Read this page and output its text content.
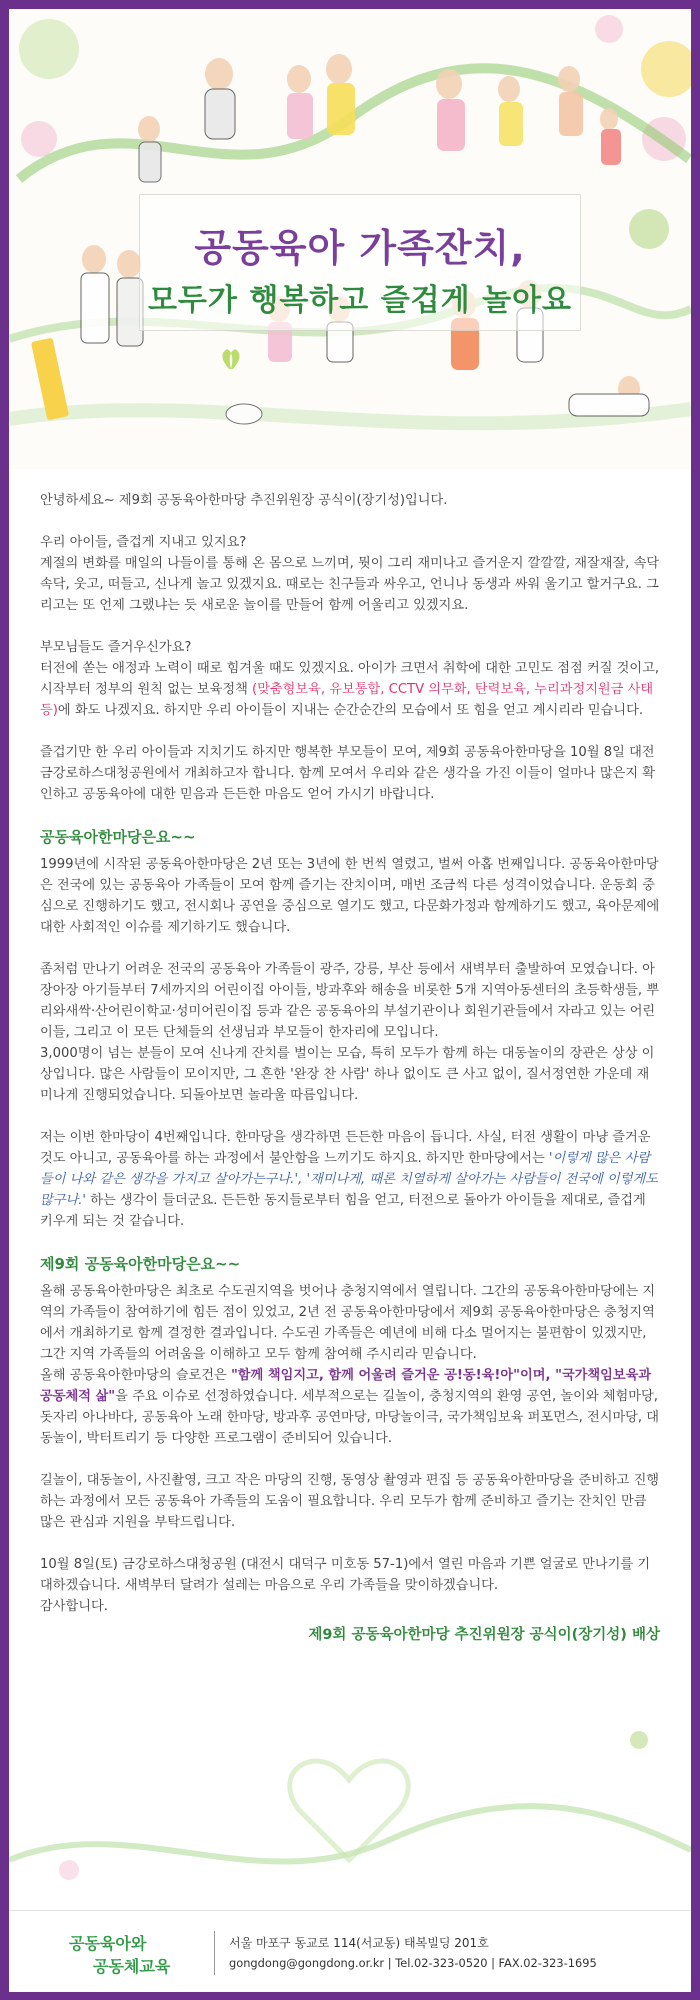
공동육아 가족잔치,
모두가 행복하고 즐겁게 놀아요

안녕하세요~ 제9회 공동육아한마당 추진위원장 공식이(장기성)입니다.

우리 아이들, 즐겁게 지내고 있지요?
계절의 변화를 매일의 나들이를 통해 온 몸으로 느끼며, 뭣이 그리 재미나고 즐거운지 깔깔깔, 재잘재잘, 속닥속닥, 웃고, 떠들고, 신나게 놀고 있겠지요. 때로는 친구들과 싸우고, 언니나 동생과 싸워 울기고 할거구요. 그리고는 또 언제 그랬냐는 듯 새로운 놀이를 만들어 함께 어울리고 있겠지요.

부모님들도 즐거우신가요?
터전에 쏟는 애정과 노력이 때로 힘겨울 때도 있겠지요. 아이가 크면서 취학에 대한 고민도 점점 커질 것이고, 시작부터 정부의 원칙 없는 보육정책 (맞춤형보육, 유보통합, CCTV 의무화, 탄력보육, 누리과정지원금 사태 등)에 화도 나겠지요. 하지만 우리 아이들이 지내는 순간순간의 모습에서 또 힘을 얻고 계시리라 믿습니다.

즐겁기만 한 우리 아이들과 지치기도 하지만 행복한 부모들이 모여, 제9회 공동육아한마당을 10월 8일 대전 금강로하스대청공원에서 개최하고자 합니다. 함께 모여서 우리와 같은 생각을 가진 이들이 얼마나 많은지 확인하고 공동육아에 대한 믿음과 든든한 마음도 얻어 가시기 바랍니다.

공동육아한마당은요~~

1999년에 시작된 공동육아한마당은 2년 또는 3년에 한 번씩 열렸고, 벌써 아홉 번째입니다. 공동육아한마당은 전국에 있는 공동육아 가족들이 모여 함께 즐기는 잔치이며, 매번 조금씩 다른 성격이었습니다. 운동회 중심으로 진행하기도 했고, 전시회나 공연을 중심으로 열기도 했고, 다문화가정과 함께하기도 했고, 육아문제에 대한 사회적인 이슈를 제기하기도 했습니다.

좀처럼 만나기 어려운 전국의 공동육아 가족들이 광주, 강릉, 부산 등에서 새벽부터 출발하여 모였습니다. 아장아장 아기들부터 7세까지의 어린이집 아이들, 방과후와 해송을 비롯한 5개 지역아동센터의 초등학생들, 뿌리와새싹·산어린이학교·성미어린이집 등과 같은 공동육아의 부설기관이나 회원기관들에서 자라고 있는 어린이들, 그리고 이 모든 단체들의 선생님과 부모들이 한자리에 모입니다.
3,000명이 넘는 분들이 모여 신나게 잔치를 벌이는 모습, 특히 모두가 함께 하는 대동놀이의 장관은 상상 이상입니다. 많은 사람들이 모이지만, 그 흔한 '완장 찬 사람' 하나 없이도 큰 사고 없이, 질서정연한 가운데 재미나게 진행되었습니다. 되돌아보면 놀라울 따름입니다.

저는 이번 한마당이 4번째입니다. 한마당을 생각하면 든든한 마음이 듭니다. 사실, 터전 생활이 마냥 즐거운 것도 아니고, 공동육아를 하는 과정에서 불안함을 느끼기도 하지요. 하지만 한마당에서는 '이렇게 많은 사람들이 나와 같은 생각을 가지고 살아가는구나.', '재미나게, 때론 치열하게 살아가는 사람들이 전국에 이렇게도 많구나.' 하는 생각이 들더군요. 든든한 동지들로부터 힘을 얻고, 터전으로 돌아가 아이들을 제대로, 즐겁게 키우게 되는 것 같습니다.

제9회 공동육아한마당은요~~

올해 공동육아한마당은 최초로 수도권지역을 벗어나 충청지역에서 열립니다. 그간의 공동육아한마당에는 지역의 가족들이 참여하기에 힘든 점이 있었고, 2년 전 공동육아한마당에서 제9회 공동육아한마당은 충청지역에서 개최하기로 함께 결정한 결과입니다. 수도권 가족들은 예년에 비해 다소 멀어지는 불편함이 있겠지만, 그간 지역 가족들의 어려움을 이해하고 모두 함께 참여해 주시리라 믿습니다.

올해 공동육아한마당의 슬로건은 "함께 책임지고, 함께 어울려 즐거운 공!동!육!아"이며, "국가책임보육과 공동체적 삶"을 주요 이슈로 선정하였습니다. 세부적으로는 길놀이, 충청지역의 환영 공연, 놀이와 체험마당, 돗자리 아나바다, 공동육아 노래 한마당, 방과후 공연마당, 마당놀이극, 국가책임보육 퍼포먼스, 전시마당, 대동놀이, 박터트리기 등 다양한 프로그램이 준비되어 있습니다.

길놀이, 대동놀이, 사진촬영, 크고 작은 마당의 진행, 동영상 촬영과 편집 등 공동육아한마당을 준비하고 진행하는 과정에서 모든 공동육아 가족들의 도움이 필요합니다. 우리 모두가 함께 준비하고 즐기는 잔치인 만큼 많은 관심과 지원을 부탁드립니다.

10월 8일(토) 금강로하스대청공원 (대전시 대덕구 미호동 57-1)에서 열린 마음과 기쁜 얼굴로 만나기를 기대하겠습니다. 새벽부터 달려가 설레는 마음으로 우리 가족들을 맞이하겠습니다.
감사합니다.

제9회 공동육아한마당 추진위원장 공식이(장기성) 배상
공동육아와
공동체교육
서울 마포구 동교로 114(서교동) 태복빌딩 201호
gongdong@gongdong.or.kr | Tel.02-323-0520 | FAX.02-323-1695
